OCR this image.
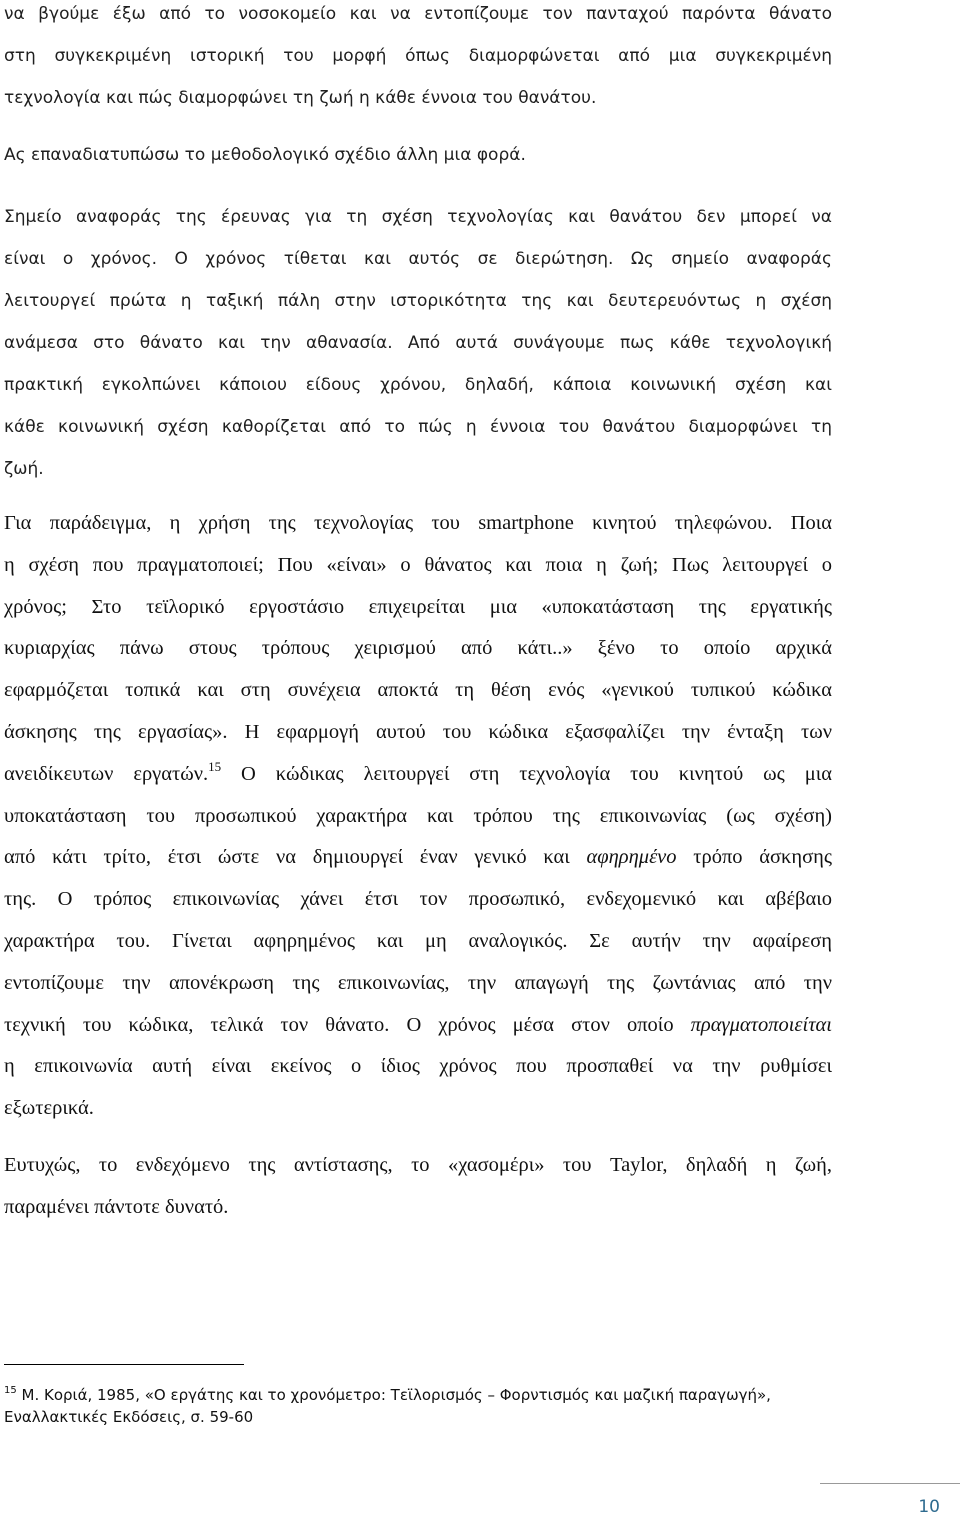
να βγούμε έξω από το νοσοκομείο και να εντοπίζουμε τον πανταχού παρόντα θάνατο
στη συγκεκριμένη ιστορική του μορφή όπως διαμορφώνεται από μια συγκεκριμένη
τεχνολογία και πώς διαμορφώνει τη ζωή η κάθε έννοια του θανάτου.
Ας επαναδιατυπώσω το μεθοδολογικό σχέδιο άλλη μια φορά.
Σημείο αναφοράς της έρευνας για τη σχέση τεχνολογίας και θανάτου δεν μπορεί να
είναι ο χρόνος. Ο χρόνος τίθεται και αυτός σε διερώτηση. Ως σημείο αναφοράς
λειτουργεί πρώτα η ταξική πάλη στην ιστορικότητα της και δευτερευόντως η σχέση
ανάμεσα στο θάνατο και την αθανασία. Από αυτά συνάγουμε πως κάθε τεχνολογική
πρακτική εγκολπώνει κάποιου είδους χρόνου, δηλαδή, κάποια κοινωνική σχέση και
κάθε κοινωνική σχέση καθορίζεται από το πώς η έννοια του θανάτου διαμορφώνει τη
ζωή.
Για παράδειγμα, η χρήση της τεχνολογίας του smartphone κινητού τηλεφώνου. Ποια
η σχέση που πραγματοποιεί; Που «είναι» ο θάνατος και ποια η ζωή; Πως λειτουργεί ο
χρόνος; Στο τεϊλορικό εργοστάσιο επιχειρείται μια «υποκατάσταση της εργατικής
κυριαρχίας πάνω στους τρόπους χειρισμού από κάτι..» ξένο το οποίο αρχικά
εφαρμόζεται τοπικά και στη συνέχεια αποκτά τη θέση ενός «γενικού τυπικού κώδικα
άσκησης της εργασίας». Η εφαρμογή αυτού του κώδικα εξασφαλίζει την ένταξη των
ανειδίκευτων εργατών.$^{15}$ Ο κώδικας λειτουργεί στη τεχνολογία του κινητού ως μια
υποκατάσταση του προσωπικού χαρακτήρα και τρόπου της επικοινωνίας (ως σχέση)
από κάτι τρίτο, έτσι ώστε να δημιουργεί έναν γενικό και αφηρημένο τρόπο άσκησης
της. Ο τρόπος επικοινωνίας χάνει έτσι τον προσωπικό, ενδεχομενικό και αβέβαιο
χαρακτήρα του. Γίνεται αφηρημένος και μη αναλογικός. Σε αυτήν την αφαίρεση
εντοπίζουμε την απονέκρωση της επικοινωνίας, την απαγωγή της ζωντάνιας από την
τεχνική του κώδικα, τελικά τον θάνατο. Ο χρόνος μέσα στον οποίο πραγματοποιείται
η επικοινωνία αυτή είναι εκείνος ο ίδιος χρόνος που προσπαθεί να την ρυθμίσει
εξωτερικά.
Ευτυχώς, το ενδεχόμενο της αντίστασης, το «χασομέρι» του Taylor, δηλαδή η ζωή,
παραμένει πάντοτε δυνατό.
$^{15}$ Μ. Κοριά, 1985, «Ο εργάτης και το χρονόμετρο: Τεϊλορισμός – Φορντισμός και μαζική παραγωγή»,
Εναλλακτικές Εκδόσεις, σ. 59-60
10
